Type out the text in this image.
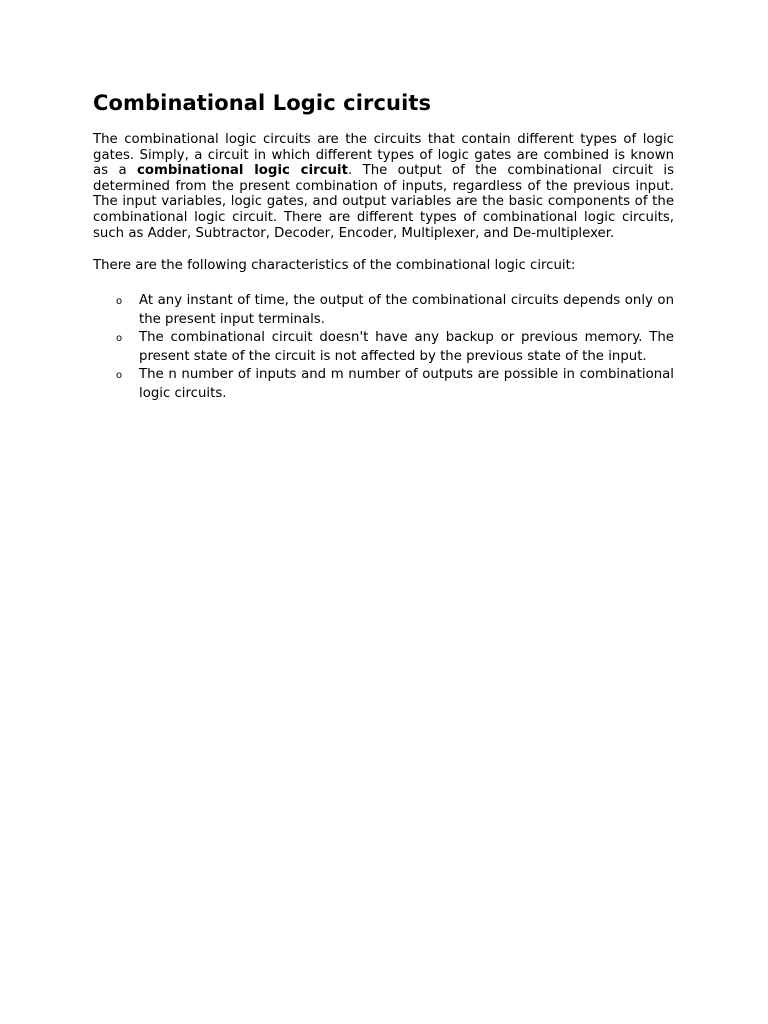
Combinational Logic circuits

The combinational logic circuits are the circuits that contain different types of logic gates. Simply, a circuit in which different types of logic gates are combined is known as a combinational logic circuit. The output of the combinational circuit is determined from the present combination of inputs, regardless of the previous input. The input variables, logic gates, and output variables are the basic components of the combinational logic circuit. There are different types of combinational logic circuits, such as Adder, Subtractor, Decoder, Encoder, Multiplexer, and De-multiplexer.

There are the following characteristics of the combinational logic circuit:

o At any instant of time, the output of the combinational circuits depends only on the present input terminals.
o The combinational circuit doesn't have any backup or previous memory. The present state of the circuit is not affected by the previous state of the input.
o The n number of inputs and m number of outputs are possible in combinational logic circuits.
